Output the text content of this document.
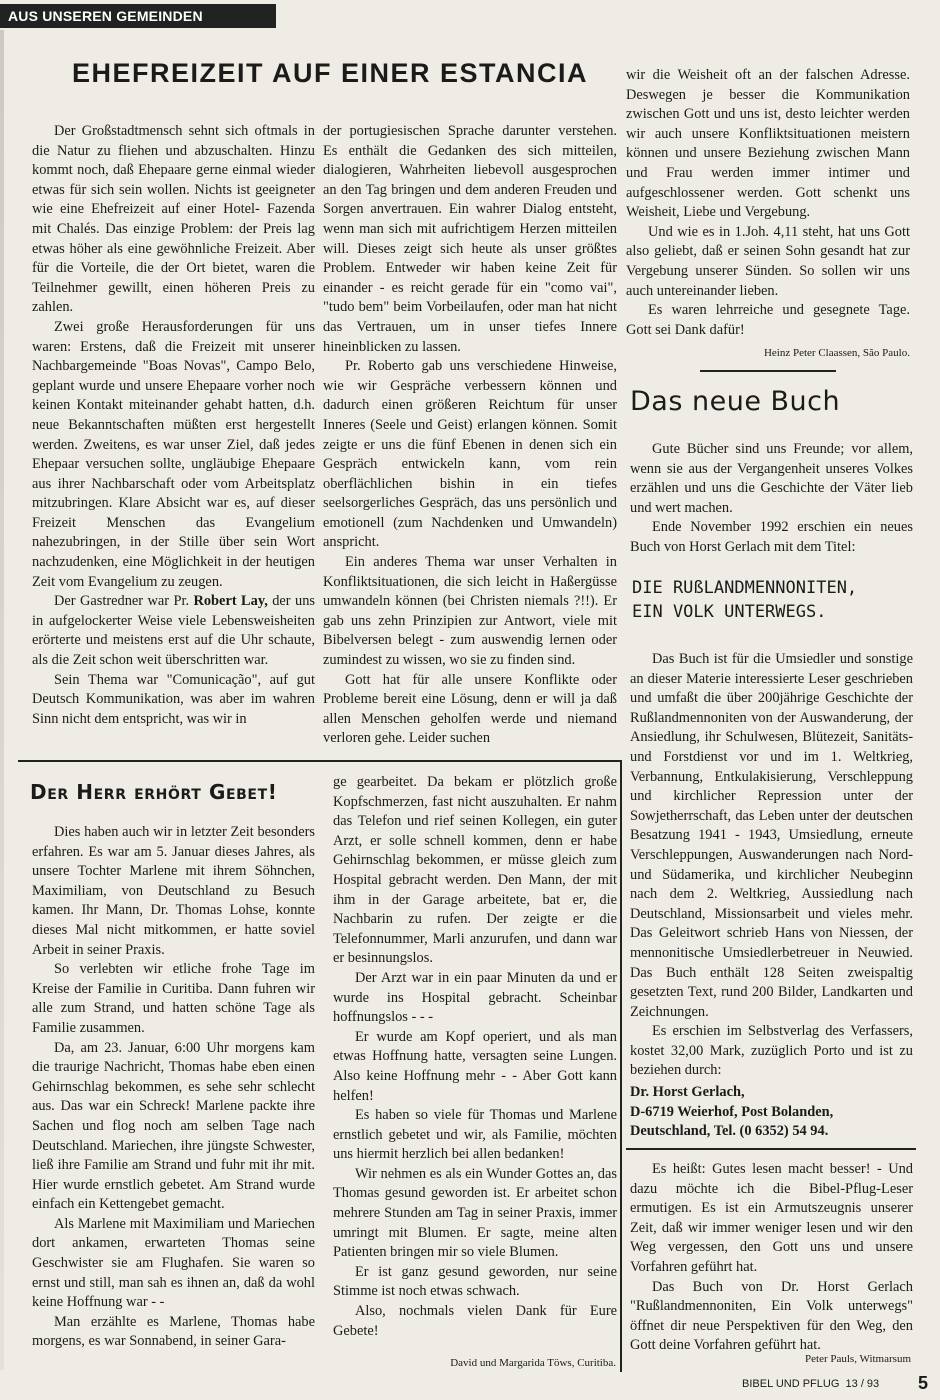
AUS UNSEREN GEMEINDEN
EHEFREIZEIT AUF EINER ESTANCIA

Der Großstadtmensch sehnt sich oftmals in die Natur zu fliehen und abzuschalten. Hinzu kommt noch, daß Ehepaare gerne einmal wieder etwas für sich sein wollen. Nichts ist geeigneter wie eine Ehefreizeit auf einer Hotel- Fazenda mit Chalés. Das einzige Problem: der Preis lag etwas höher als eine gewöhnliche Freizeit. Aber für die Vorteile, die der Ort bietet, waren die Teilnehmer gewillt, einen höheren Preis zu zahlen.

Zwei große Herausforderungen für uns waren: Erstens, daß die Freizeit mit unserer Nachbargemeinde "Boas Novas", Campo Belo, geplant wurde und unsere Ehepaare vorher noch keinen Kontakt miteinander gehabt hatten, d.h. neue Bekanntschaften müßten erst hergestellt werden. Zweitens, es war unser Ziel, daß jedes Ehepaar versuchen sollte, ungläubige Ehepaare aus ihrer Nachbarschaft oder vom Arbeitsplatz mitzubringen. Klare Absicht war es, auf dieser Freizeit Menschen das Evangelium nahezubringen, in der Stille über sein Wort nachzudenken, eine Möglichkeit in der heutigen Zeit vom Evangelium zu zeugen.

Der Gastredner war Pr. Robert Lay, der uns in aufgelockerter Weise viele Lebensweisheiten erörterte und meistens erst auf die Uhr schaute, als die Zeit schon weit überschritten war.

Sein Thema war "Comunicação", auf gut Deutsch Kommunikation, was aber im wahren Sinn nicht dem entspricht, was wir in

der portugiesischen Sprache darunter verstehen. Es enthält die Gedanken des sich mitteilen, dialogieren, Wahrheiten liebevoll ausgesprochen an den Tag bringen und dem anderen Freuden und Sorgen anvertrauen. Ein wahrer Dialog entsteht, wenn man sich mit aufrichtigem Herzen mitteilen will. Dieses zeigt sich heute als unser größtes Problem. Entweder wir haben keine Zeit für einander - es reicht gerade für ein "como vai", "tudo bem" beim Vorbeilaufen, oder man hat nicht das Vertrauen, um in unser tiefes Innere hineinblicken zu lassen.

Pr. Roberto gab uns verschiedene Hinweise, wie wir Gespräche verbessern können und dadurch einen größeren Reichtum für unser Inneres (Seele und Geist) erlangen können. Somit zeigte er uns die fünf Ebenen in denen sich ein Gespräch entwickeln kann, vom rein oberflächlichen bishin in ein tiefes seelsorgerliches Gespräch, das uns persönlich und emotionell (zum Nachdenken und Umwandeln) anspricht.

Ein anderes Thema war unser Verhalten in Konfliktsituationen, die sich leicht in Haßergüsse umwandeln können (bei Christen niemals ?!!). Er gab uns zehn Prinzipien zur Antwort, viele mit Bibelversen belegt - zum auswendig lernen oder zumindest zu wissen, wo sie zu finden sind.

Gott hat für alle unsere Konflikte oder Probleme bereit eine Lösung, denn er will ja daß allen Menschen geholfen werde und niemand verloren gehe. Leider suchen

wir die Weisheit oft an der falschen Adresse. Deswegen je besser die Kommunikation zwischen Gott und uns ist, desto leichter werden wir auch unsere Konfliktsituationen meistern können und unsere Beziehung zwischen Mann und Frau werden immer intimer und aufgeschlossener werden. Gott schenkt uns Weisheit, Liebe und Vergebung.

Und wie es in 1.Joh. 4,11 steht, hat uns Gott also geliebt, daß er seinen Sohn gesandt hat zur Vergebung unserer Sünden. So sollen wir uns auch untereinander lieben.

Es waren lehrreiche und gesegnete Tage. Gott sei Dank dafür!

Heinz Peter Claassen, São Paulo.
Der Herr erhört Gebet!

Dies haben auch wir in letzter Zeit besonders erfahren. Es war am 5. Januar dieses Jahres, als unsere Tochter Marlene mit ihrem Söhnchen, Maximiliam, von Deutschland zu Besuch kamen. Ihr Mann, Dr. Thomas Lohse, konnte dieses Mal nicht mitkommen, er hatte soviel Arbeit in seiner Praxis.

So verlebten wir etliche frohe Tage im Kreise der Familie in Curitiba. Dann fuhren wir alle zum Strand, und hatten schöne Tage als Familie zusammen.

Da, am 23. Januar, 6:00 Uhr morgens kam die traurige Nachricht, Thomas habe eben einen Gehirnschlag bekommen, es sehe sehr schlecht aus. Das war ein Schreck! Marlene packte ihre Sachen und flog noch am selben Tage nach Deutschland. Mariechen, ihre jüngste Schwester, ließ ihre Familie am Strand und fuhr mit ihr mit. Hier wurde ernstlich gebetet. Am Strand wurde einfach ein Kettengebet gemacht.

Als Marlene mit Maximiliam und Mariechen dort ankamen, erwarteten Thomas seine Geschwister sie am Flughafen. Sie waren so ernst und still, man sah es ihnen an, daß da wohl keine Hoffnung war - -

Man erzählte es Marlene, Thomas habe morgens, es war Sonnabend, in seiner Gara-

ge gearbeitet. Da bekam er plötzlich große Kopfschmerzen, fast nicht auszuhalten. Er nahm das Telefon und rief seinen Kollegen, ein guter Arzt, er solle schnell kommen, denn er habe Gehirnschlag bekommen, er müsse gleich zum Hospital gebracht werden. Den Mann, der mit ihm in der Garage arbeitete, bat er, die Nachbarin zu rufen. Der zeigte er die Telefonnummer, Marli anzurufen, und dann war er besinnungslos.

Der Arzt war in ein paar Minuten da und er wurde ins Hospital gebracht. Scheinbar hoffnungslos - - -

Er wurde am Kopf operiert, und als man etwas Hoffnung hatte, versagten seine Lungen. Also keine Hoffnung mehr - - Aber Gott kann helfen!

Es haben so viele für Thomas und Marlene ernstlich gebetet und wir, als Familie, möchten uns hiermit herzlich bei allen bedanken!

Wir nehmen es als ein Wunder Gottes an, das Thomas gesund geworden ist. Er arbeitet schon mehrere Stunden am Tag in seiner Praxis, immer umringt mit Blumen. Er sagte, meine alten Patienten bringen mir so viele Blumen.

Er ist ganz gesund geworden, nur seine Stimme ist noch etwas schwach.

Also, nochmals vielen Dank für Eure Gebete!

David und Margarida Töws, Curitiba.
Das neue Buch

Gute Bücher sind uns Freunde; vor allem, wenn sie aus der Vergangenheit unseres Volkes erzählen und uns die Geschichte der Väter lieb und wert machen.

Ende November 1992 erschien ein neues Buch von Horst Gerlach mit dem Titel:

DIE RUßLANDMENNONITEN,
EIN VOLK UNTERWEGS.

Das Buch ist für die Umsiedler und sonstige an dieser Materie interessierte Leser geschrieben und umfaßt die über 200jährige Geschichte der Rußlandmennoniten von der Auswanderung, der Ansiedlung, ihr Schulwesen, Blütezeit, Sanitäts- und Forstdienst vor und im 1. Weltkrieg, Verbannung, Entkulakisierung, Verschleppung und kirchlicher Repression unter der Sowjetherrschaft, das Leben unter der deutschen Besatzung 1941 - 1943, Umsiedlung, erneute Verschleppungen, Auswanderungen nach Nord- und Südamerika, und kirchlicher Neubeginn nach dem 2. Weltkrieg, Aussiedlung nach Deutschland, Missionsarbeit und vieles mehr. Das Geleitwort schrieb Hans von Niessen, der mennonitische Umsiedlerbetreuer in Neuwied. Das Buch enthält 128 Seiten zweispaltig gesetzten Text, rund 200 Bilder, Landkarten und Zeichnungen.

Es erschien im Selbstverlag des Verfassers, kostet 32,00 Mark, zuzüglich Porto und ist zu beziehen durch:

Dr. Horst Gerlach,
D-6719 Weierhof, Post Bolanden,
Deutschland, Tel. (0 6352) 54 94.

Es heißt: Gutes lesen macht besser! - Und dazu möchte ich die Bibel-Pflug-Leser ermutigen. Es ist ein Armutszeugnis unserer Zeit, daß wir immer weniger lesen und wir den Weg vergessen, den Gott uns und unsere Vorfahren geführt hat.

Das Buch von Dr. Horst Gerlach "Rußlandmennoniten, Ein Volk unterwegs" öffnet dir neue Perspektiven für den Weg, den Gott deine Vorfahren geführt hat.

Peter Pauls, Witmarsum
BIBEL UND PFLUG 13 / 93 5
